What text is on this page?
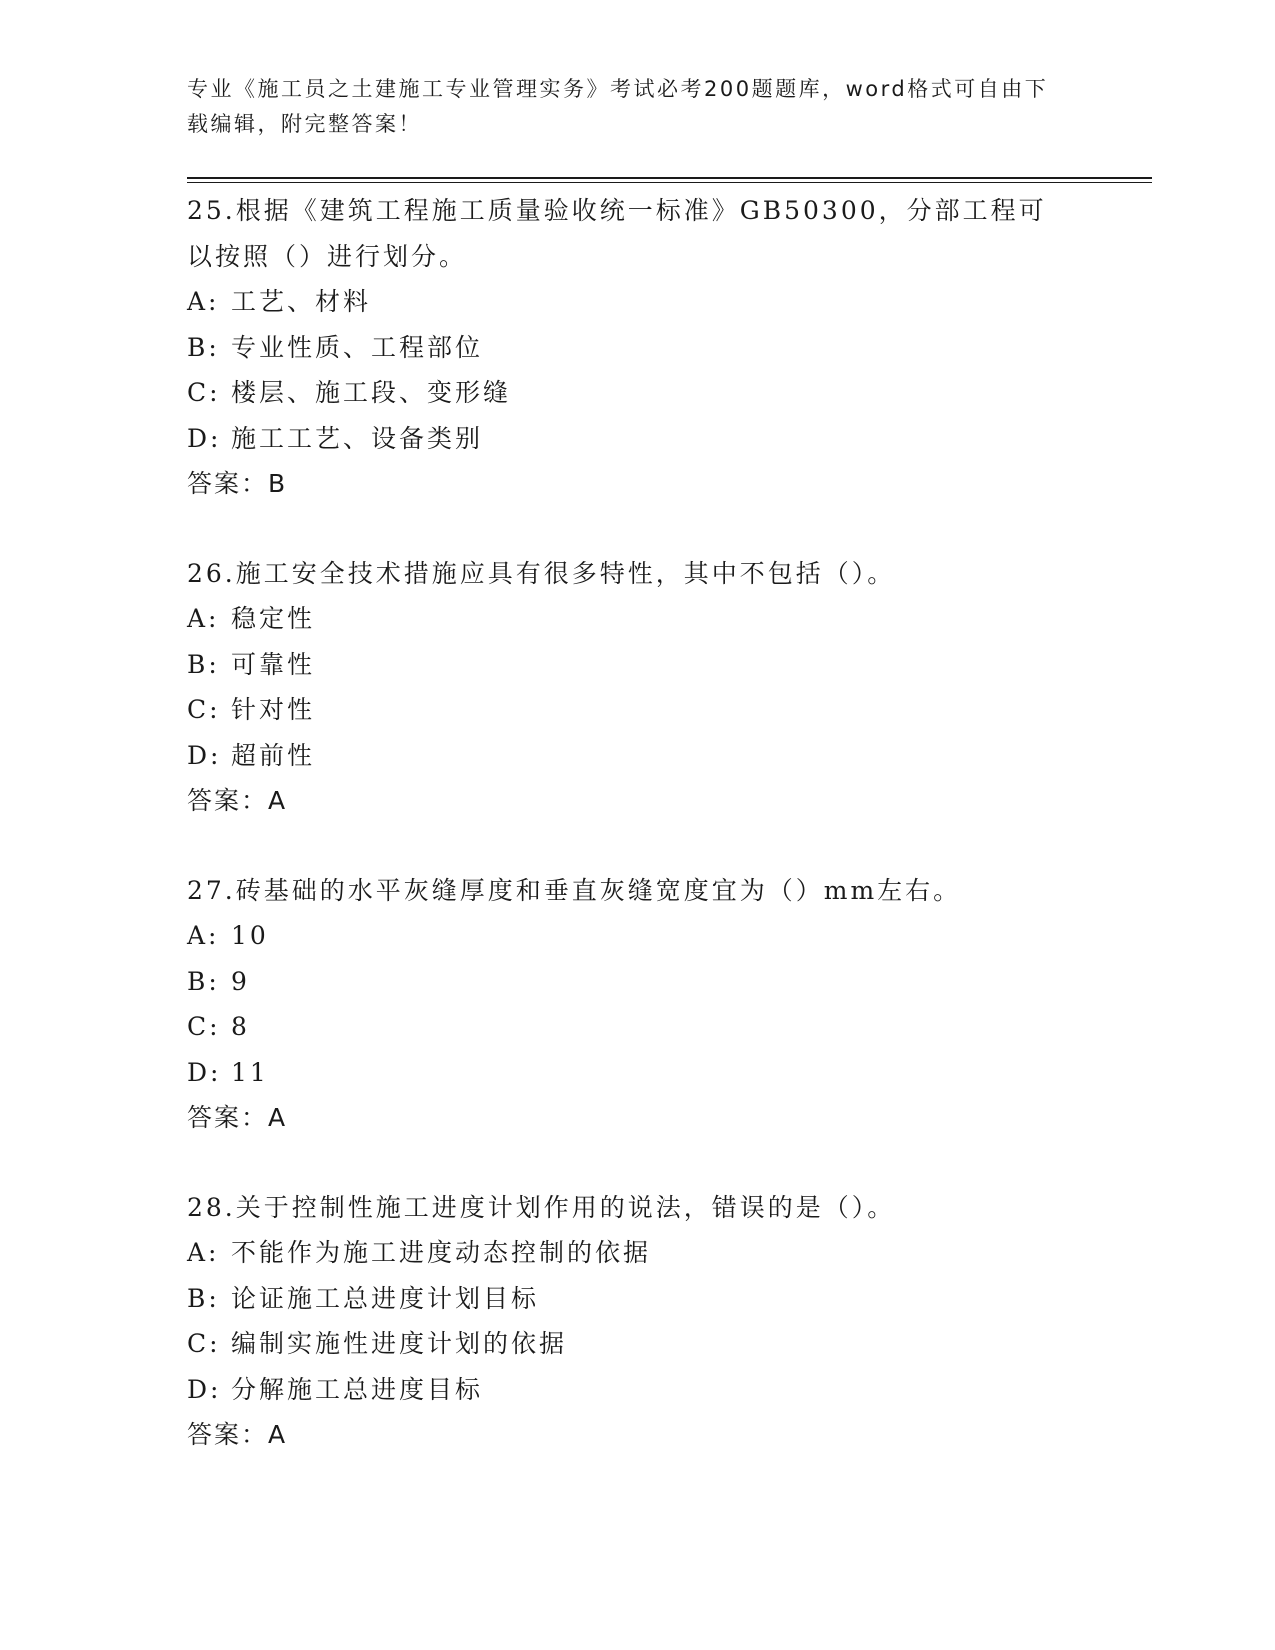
专业《施工员之土建施工专业管理实务》考试必考200题题库，word格式可自由下载编辑，附完整答案！
25.根据《建筑工程施工质量验收统一标准》GB50300，分部工程可以按照（）进行划分。
A: 工艺、材料
B: 专业性质、工程部位
C: 楼层、施工段、变形缝
D: 施工工艺、设备类别
答案：B
26.施工安全技术措施应具有很多特性，其中不包括（）。
A: 稳定性
B: 可靠性
C: 针对性
D: 超前性
答案：A
27.砖基础的水平灰缝厚度和垂直灰缝宽度宜为（）mm左右。
A: 10
B: 9
C: 8
D: 11
答案：A
28.关于控制性施工进度计划作用的说法，错误的是（）。
A: 不能作为施工进度动态控制的依据
B: 论证施工总进度计划目标
C: 编制实施性进度计划的依据
D: 分解施工总进度目标
答案：A
